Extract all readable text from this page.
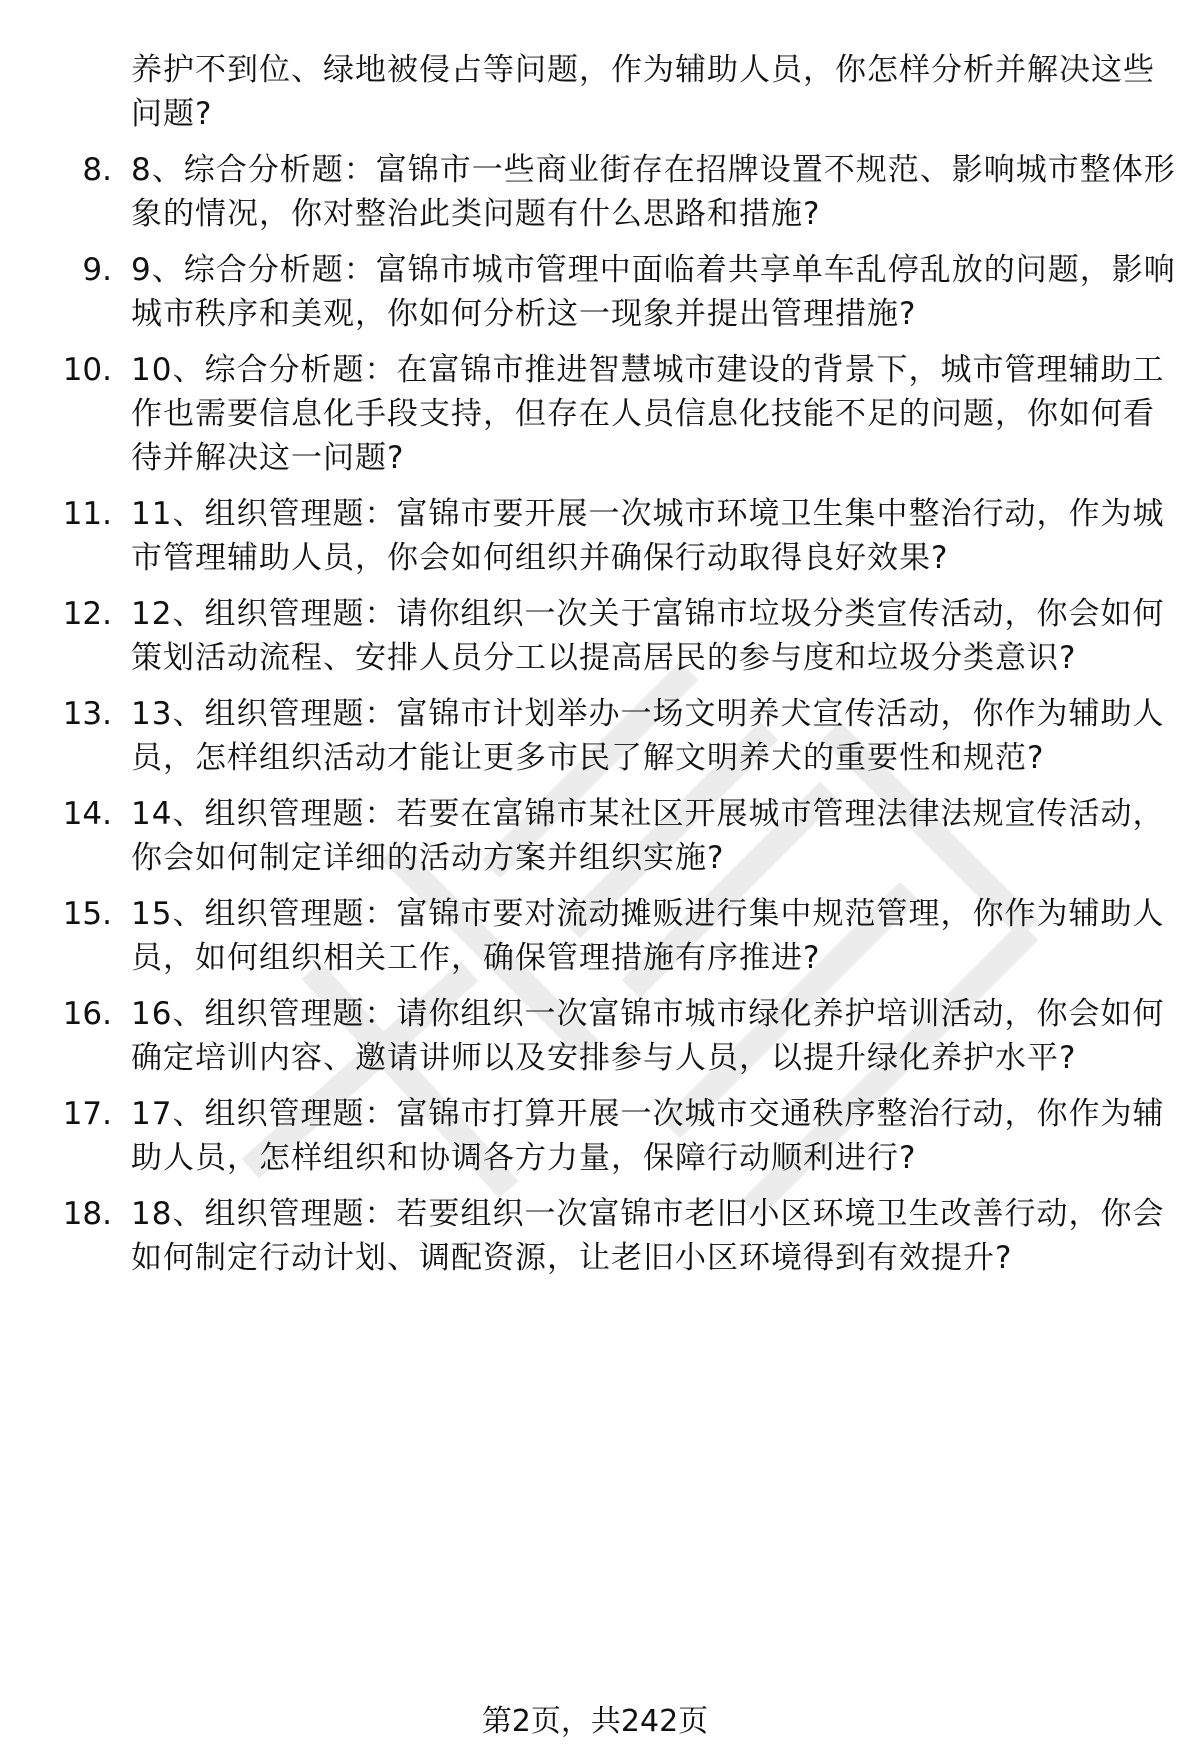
养护不到位、绿地被侵占等问题，作为辅助人员，你怎样分析并解决这些问题?
8. 8、综合分析题：富锦市一些商业街存在招牌设置不规范、影响城市整体形象的情况，你对整治此类问题有什么思路和措施?
9. 9、综合分析题：富锦市城市管理中面临着共享单车乱停乱放的问题，影响城市秩序和美观，你如何分析这一现象并提出管理措施?
10. 10、综合分析题：在富锦市推进智慧城市建设的背景下，城市管理辅助工作也需要信息化手段支持，但存在人员信息化技能不足的问题，你如何看待并解决这一问题?
11. 11、组织管理题：富锦市要开展一次城市环境卫生集中整治行动，作为城市管理辅助人员，你会如何组织并确保行动取得良好效果?
12. 12、组织管理题：请你组织一次关于富锦市垃圾分类宣传活动，你会如何策划活动流程、安排人员分工以提高居民的参与度和垃圾分类意识?
13. 13、组织管理题：富锦市计划举办一场文明养犬宣传活动，你作为辅助人员，怎样组织活动才能让更多市民了解文明养犬的重要性和规范?
14. 14、组织管理题：若要在富锦市某社区开展城市管理法律法规宣传活动，你会如何制定详细的活动方案并组织实施?
15. 15、组织管理题：富锦市要对流动摊贩进行集中规范管理，你作为辅助人员，如何组织相关工作，确保管理措施有序推进?
16. 16、组织管理题：请你组织一次富锦市城市绿化养护培训活动，你会如何确定培训内容、邀请讲师以及安排参与人员，以提升绿化养护水平?
17. 17、组织管理题：富锦市打算开展一次城市交通秩序整治行动，你作为辅助人员，怎样组织和协调各方力量，保障行动顺利进行?
18. 18、组织管理题：若要组织一次富锦市老旧小区环境卫生改善行动，你会如何制定行动计划、调配资源，让老旧小区环境得到有效提升?
第2页，共242页
